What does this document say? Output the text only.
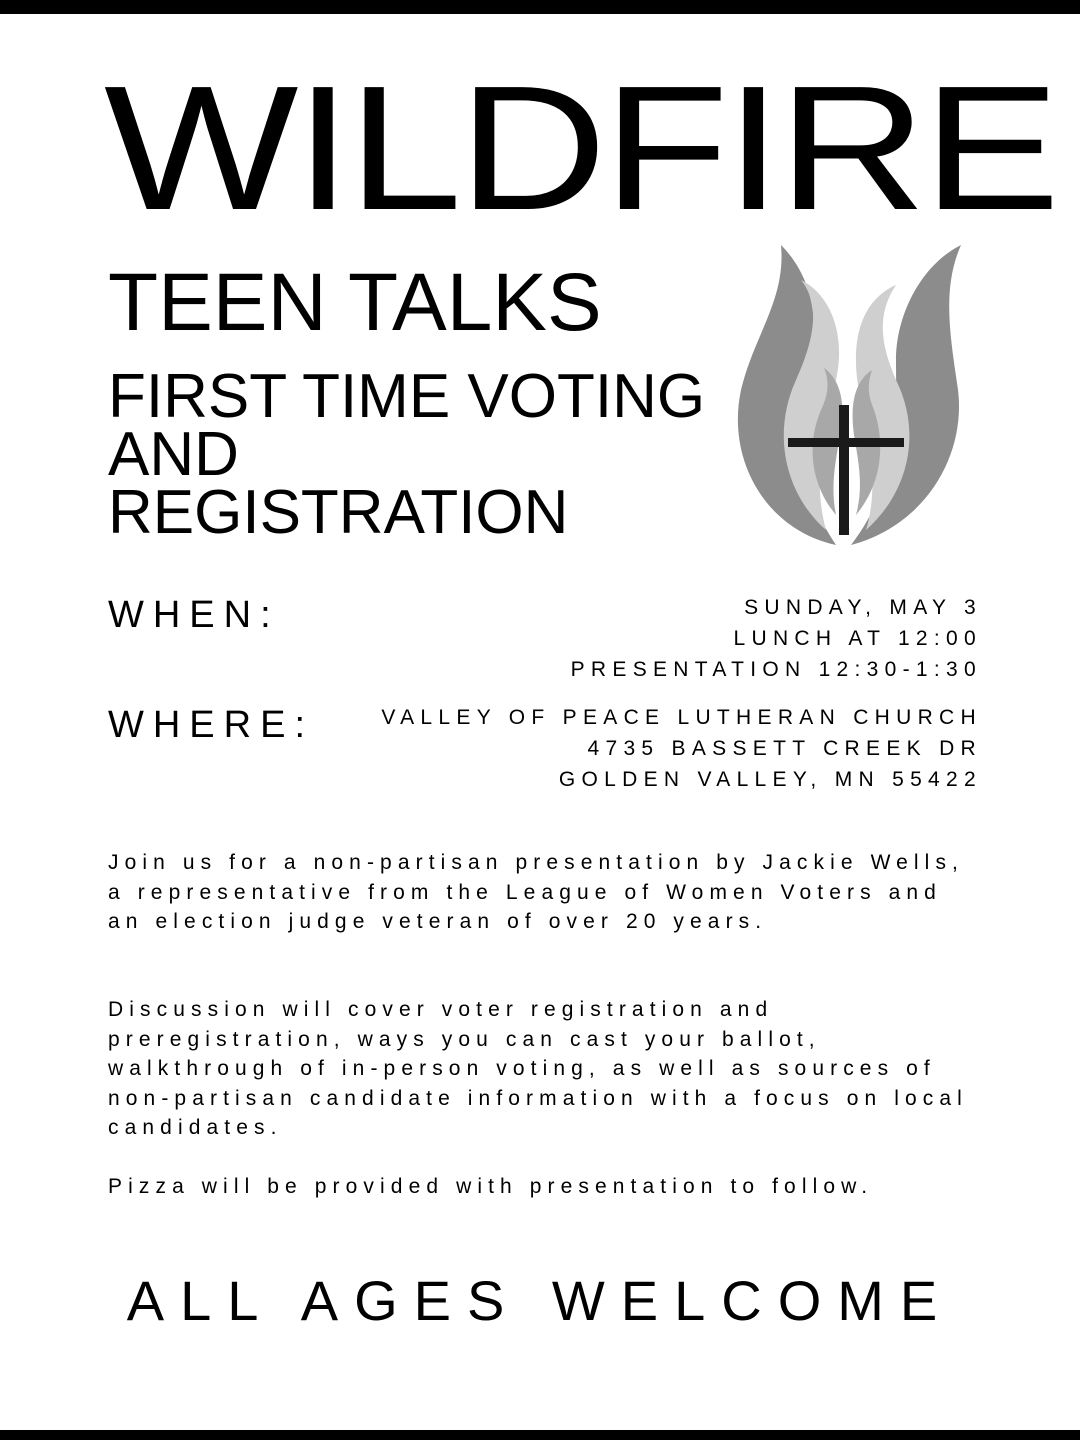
WILDFIRE
TEEN TALKS
FIRST TIME VOTING
AND
REGISTRATION
WHEN:	SUNDAY, MAY 3
LUNCH AT 12:00
PRESENTATION 12:30-1:30
WHERE:	VALLEY OF PEACE LUTHERAN CHURCH
4735 BASSETT CREEK DR
GOLDEN VALLEY, MN 55422

Join us for a non-partisan presentation by Jackie Wells, a representative from the League of Women Voters and an election judge veteran of over 20 years.

Discussion will cover voter registration and preregistration, ways you can cast your ballot, walkthrough of in-person voting, as well as sources of non-partisan candidate information with a focus on local candidates.

Pizza will be provided with presentation to follow.

ALL AGES WELCOME
